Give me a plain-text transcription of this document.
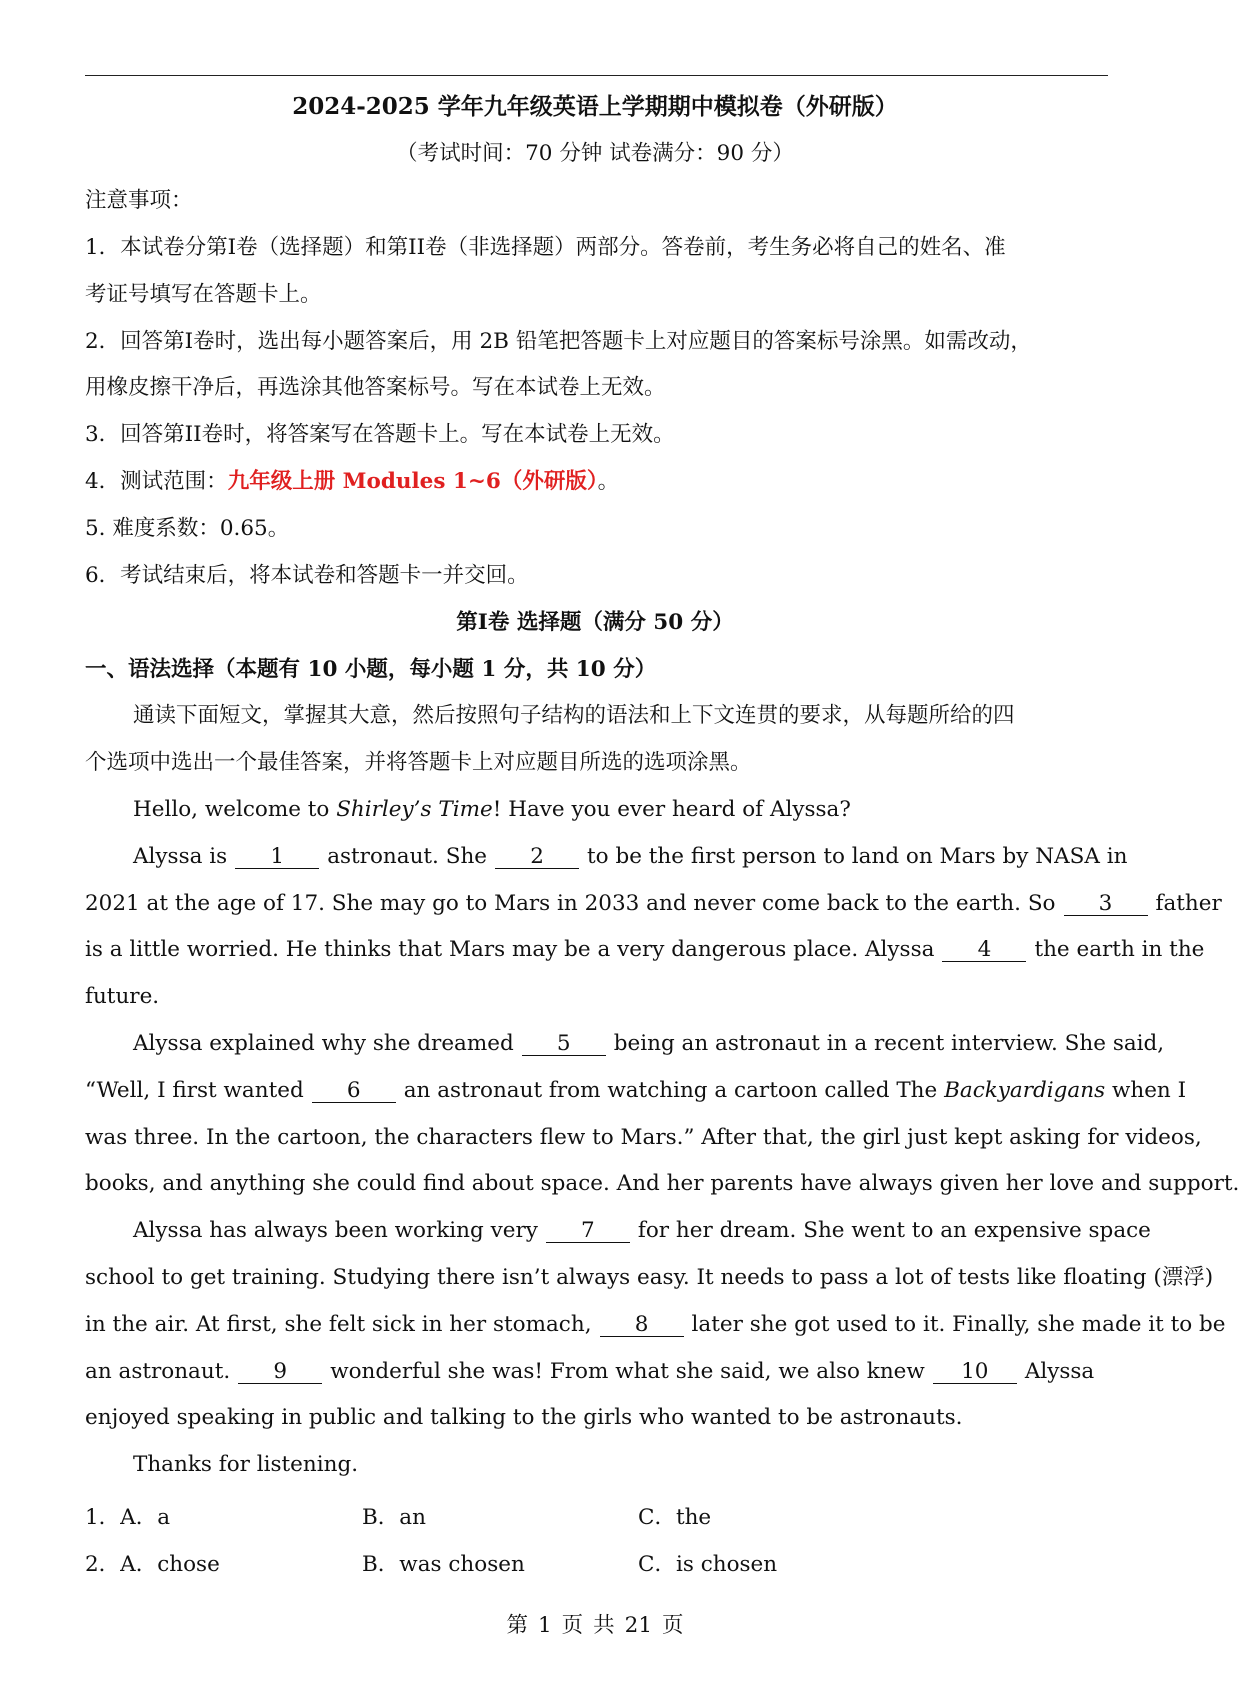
2024-2025 学年九年级英语上学期期中模拟卷（外研版）
（考试时间：70 分钟 试卷满分：90 分）
注意事项：
1．本试卷分第I卷（选择题）和第II卷（非选择题）两部分。答卷前，考生务必将自己的姓名、准
考证号填写在答题卡上。
2．回答第I卷时，选出每小题答案后，用 2B 铅笔把答题卡上对应题目的答案标号涂黑。如需改动，
用橡皮擦干净后，再选涂其他答案标号。写在本试卷上无效。
3．回答第II卷时，将答案写在答题卡上。写在本试卷上无效。
4．测试范围：九年级上册 Modules 1~6（外研版）。
5. 难度系数：0.65。
6．考试结束后，将本试卷和答题卡一并交回。
第I卷 选择题（满分 50 分）
一、语法选择（本题有 10 小题，每小题 1 分，共 10 分）
通读下面短文，掌握其大意，然后按照句子结构的语法和上下文连贯的要求，从每题所给的四
个选项中选出一个最佳答案，并将答题卡上对应题目所选的选项涂黑。
Hello, welcome to Shirley’s Time! Have you ever heard of Alyssa?
Alyssa is 1 astronaut. She 2 to be the first person to land on Mars by NASA in
2021 at the age of 17. She may go to Mars in 2033 and never come back to the earth. So 3 father
is a little worried. He thinks that Mars may be a very dangerous place. Alyssa 4 the earth in the
future.
Alyssa explained why she dreamed 5 being an astronaut in a recent interview. She said,
“Well, I first wanted 6 an astronaut from watching a cartoon called The Backyardigans when I
was three. In the cartoon, the characters flew to Mars.” After that, the girl just kept asking for videos,
books, and anything she could find about space. And her parents have always given her love and support.
Alyssa has always been working very 7 for her dream. She went to an expensive space
school to get training. Studying there isn’t always easy. It needs to pass a lot of tests like floating (漂浮)
in the air. At first, she felt sick in her stomach, 8 later she got used to it. Finally, she made it to be
an astronaut. 9 wonderful she was! From what she said, we also knew 10 Alyssa
enjoyed speaking in public and talking to the girls who wanted to be astronauts.
Thanks for listening.
1．A．a	B．an	C．the
2．A．chose	B．was chosen	C．is chosen
第 1 页 共 21 页
